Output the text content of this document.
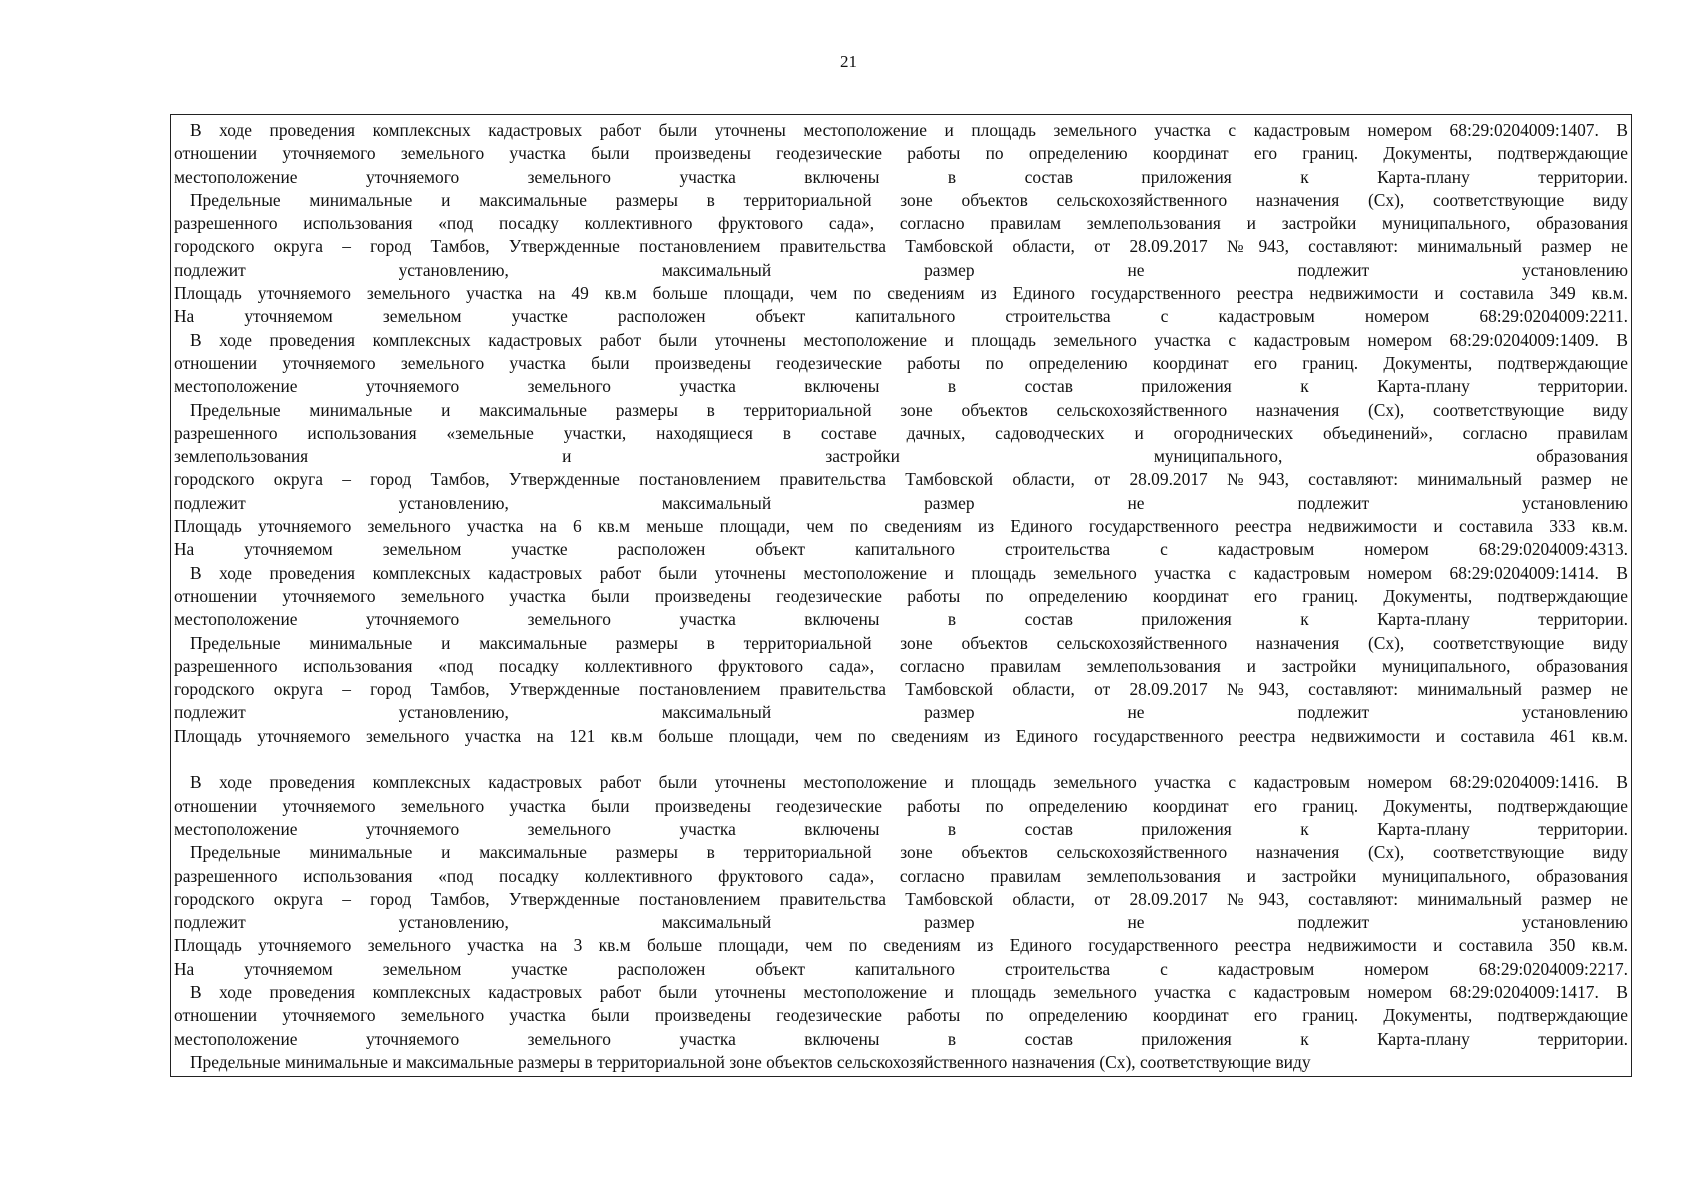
21
В ходе проведения комплексных кадастровых работ были уточнены местоположение и площадь земельного участка с кадастровым номером 68:29:0204009:1407. В
отношении уточняемого земельного участка были произведены геодезические работы по определению координат его границ. Документы, подтверждающие
местоположение уточняемого земельного участка включены в состав приложения к Карта-плану территории.
Предельные минимальные и максимальные размеры в территориальной зоне объектов сельскохозяйственного назначения (Сх), соответствующие виду
разрешенного использования «под посадку коллективного фруктового сада», согласно правилам землепользования и застройки муниципального, образования
городского округа – город Тамбов, Утвержденные постановлением правительства Тамбовской области, от 28.09.2017 №943, составляют: минимальный размер не
подлежит установлению, максимальный размер не подлежит установлению
Площадь уточняемого земельного участка на 49 кв.м больше площади, чем по сведениям из Единого государственного реестра недвижимости и составила 349 кв.м.
На уточняемом земельном участке расположен объект капитального строительства с кадастровым номером 68:29:0204009:2211.
В ходе проведения комплексных кадастровых работ были уточнены местоположение и площадь земельного участка с кадастровым номером 68:29:0204009:1409. В
отношении уточняемого земельного участка были произведены геодезические работы по определению координат его границ. Документы, подтверждающие
местоположение уточняемого земельного участка включены в состав приложения к Карта-плану территории.
Предельные минимальные и максимальные размеры в территориальной зоне объектов сельскохозяйственного назначения (Сх), соответствующие виду
разрешенного использования «земельные участки, находящиеся в составе дачных, садоводческих и огороднических объединений», согласно правилам
землепользования и застройки муниципального, образования
городского округа – город Тамбов, Утвержденные постановлением правительства Тамбовской области, от 28.09.2017 №943, составляют: минимальный размер не
подлежит установлению, максимальный размер не подлежит установлению
Площадь уточняемого земельного участка на 6 кв.м меньше площади, чем по сведениям из Единого государственного реестра недвижимости и составила 333 кв.м.
На уточняемом земельном участке расположен объект капитального строительства с кадастровым номером 68:29:0204009:4313.
В ходе проведения комплексных кадастровых работ были уточнены местоположение и площадь земельного участка с кадастровым номером 68:29:0204009:1414. В
отношении уточняемого земельного участка были произведены геодезические работы по определению координат его границ. Документы, подтверждающие
местоположение уточняемого земельного участка включены в состав приложения к Карта-плану территории.
Предельные минимальные и максимальные размеры в территориальной зоне объектов сельскохозяйственного назначения (Сх), соответствующие виду
разрешенного использования «под посадку коллективного фруктового сада», согласно правилам землепользования и застройки муниципального, образования
городского округа – город Тамбов, Утвержденные постановлением правительства Тамбовской области, от 28.09.2017 №943, составляют: минимальный размер не
подлежит установлению, максимальный размер не подлежит установлению
Площадь уточняемого земельного участка на 121 кв.м больше площади, чем по сведениям из Единого государственного реестра недвижимости и составила 461 кв.м.
В ходе проведения комплексных кадастровых работ были уточнены местоположение и площадь земельного участка с кадастровым номером 68:29:0204009:1416. В
отношении уточняемого земельного участка были произведены геодезические работы по определению координат его границ. Документы, подтверждающие
местоположение уточняемого земельного участка включены в состав приложения к Карта-плану территории.
Предельные минимальные и максимальные размеры в территориальной зоне объектов сельскохозяйственного назначения (Сх), соответствующие виду
разрешенного использования «под посадку коллективного фруктового сада», согласно правилам землепользования и застройки муниципального, образования
городского округа – город Тамбов, Утвержденные постановлением правительства Тамбовской области, от 28.09.2017 №943, составляют: минимальный размер не
подлежит установлению, максимальный размер не подлежит установлению
Площадь уточняемого земельного участка на 3 кв.м больше площади, чем по сведениям из Единого государственного реестра недвижимости и составила 350 кв.м.
На уточняемом земельном участке расположен объект капитального строительства с кадастровым номером 68:29:0204009:2217.
В ходе проведения комплексных кадастровых работ были уточнены местоположение и площадь земельного участка с кадастровым номером 68:29:0204009:1417. В
отношении уточняемого земельного участка были произведены геодезические работы по определению координат его границ. Документы, подтверждающие
местоположение уточняемого земельного участка включены в состав приложения к Карта-плану территории.
Предельные минимальные и максимальные размеры в территориальной зоне объектов сельскохозяйственного назначения (Сх), соответствующие виду
